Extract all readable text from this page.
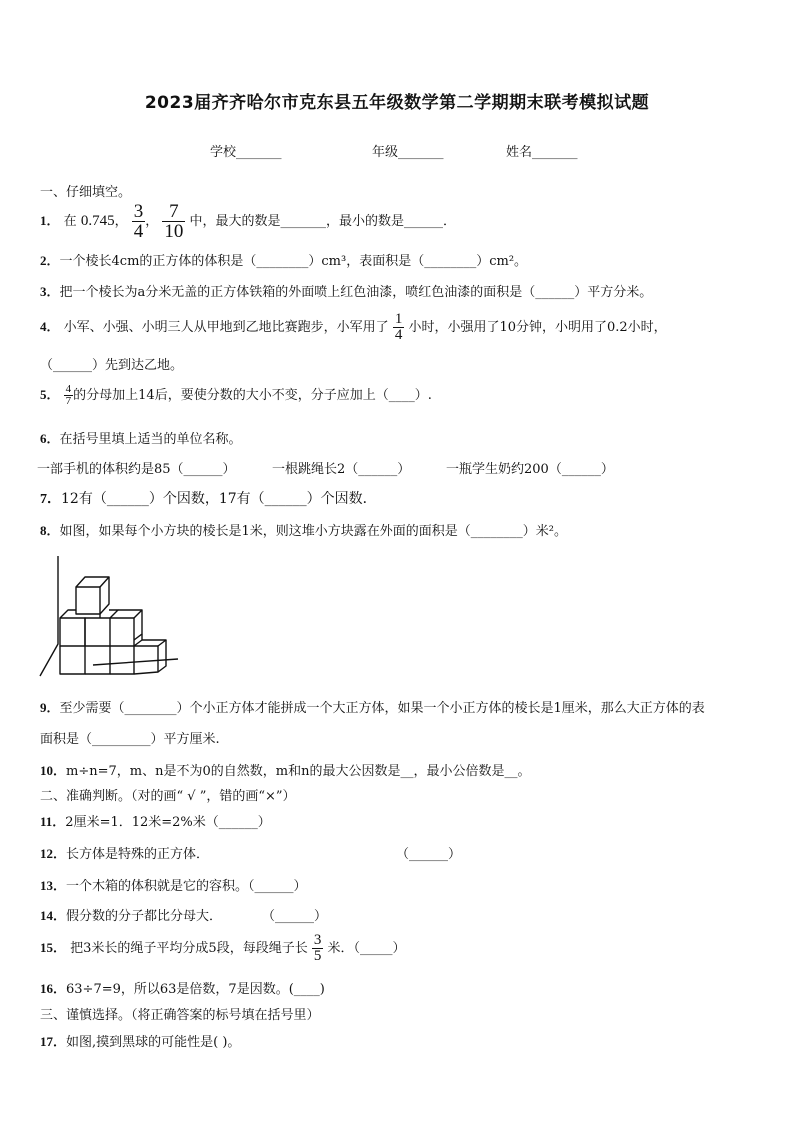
2023届齐齐哈尔市克东县五年级数学第二学期期末联考模拟试题
学校_______	年级_______	姓名_______
一、仔细填空。
1． 在 0.745， $\frac{3}{4}$ ， $\frac{7}{10}$ 中，最大的数是_______，最小的数是______．
2．一个棱长4cm的正方体的体积是（________）cm³，表面积是（________）cm²。
3．把一个棱长为a分米无盖的正方体铁箱的外面喷上红色油漆，喷红色油漆的面积是（______）平方分米。
4． 小军、小强、小明三人从甲地到乙地比赛跑步，小军用了 $\frac{1}{4}$ 小时，小强用了10分钟，小明用了0.2小时，
（______）先到达乙地。
5． $\frac{4}{7}$ 的分母加上14后，要使分数的大小不变，分子应加上（____）.
6．在括号里填上适当的单位名称。
一部手机的体积约是85（______）	一根跳绳长2（______）	一瓶学生奶约200（______）
7．12有（______）个因数，17有（______）个因数．
8．如图，如果每个小方块的棱长是1米，则这堆小方块露在外面的面积是（________）米²。
9．至少需要（________）个小正方体才能拼成一个大正方体，如果一个小正方体的棱长是1厘米，那么大正方体的表
面积是（_________）平方厘米.
10．m÷n=7，m、n是不为0的自然数，m和n的最大公因数是__，最小公倍数是__。
二、准确判断。（对的画“ √ ”，错的画“×”）
11．2厘米=1．12米=2%米（______）
12．长方体是特殊的正方体．	（______）
13．一个木箱的体积就是它的容积。（______）
14．假分数的分子都比分母大．	（______）
15． 把3米长的绳子平均分成5段，每段绳子长 $\frac{3}{5}$ 米．（_____）
16．63÷7=9，所以63是倍数，7是因数。(____)
三、谨慎选择。（将正确答案的标号填在括号里）
17．如图,摸到黑球的可能性是( )。
